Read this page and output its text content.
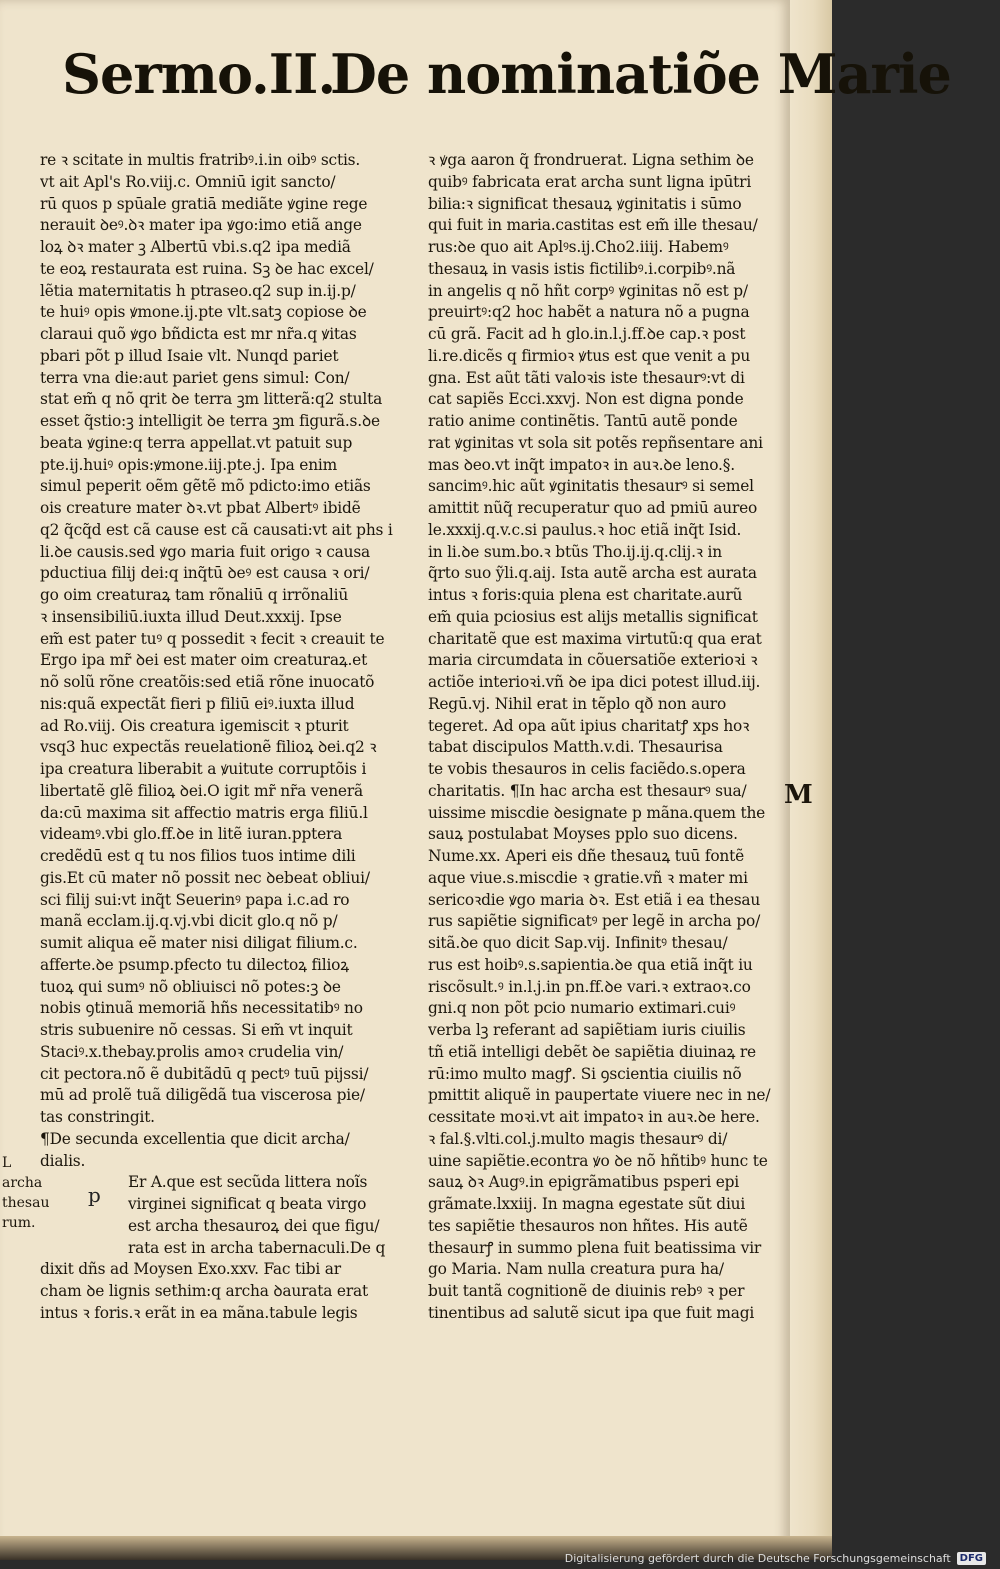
Sermo.II.
De nominatiõe Marie
re ꝛ scitate in multis fratribꝰ.i.in oibꝰ sctis.
vt ait Apl's Ro.viij.c. Omniū igit sancto/
rū quos p spūale gratiā mediãte ꝟgine rege
nerauit ꝺeꝰ.ꝺꝛ mater ipa ꝟgo:imo etiã ange
loꝝ ꝺꝛ mater ꝫ Albertū vbi.s.q2 ipa mediã
te eoꝝ restaurata est ruina. Sꝫ ꝺe hac excel/
lẽtia maternitatis h ptraseo.q2 sup in.ij.p/
te huiꝰ opis ꝟmone.ij.pte vlt.satꝫ copiose ꝺe
claraui quõ ꝟgo bñdicta est mr nr̃a.q ꝟitas
pbari põt p illud Isaie vlt. Nunqd pariet
terra vna die:aut pariet gens simul: Con/
stat em̃ q nõ qrit ꝺe terra ꝫm litterã:q2 stulta
esset q̃stio:ꝫ intelligit ꝺe terra ꝫm figurã.s.ꝺe
beata ꝟgine:q terra appellat.vt patuit sup
pte.ij.huiꝰ opis:ꝟmone.iij.pte.j. Ipa enim
simul peperit oẽm gẽtẽ mõ pdicto:imo etiãs
ois creature mater ꝺꝛ.vt pbat Albertꝰ ibidẽ
q2 q̃cq̃d est cã cause est cã causati:vt ait phs i
li.ꝺe causis.sed ꝟgo maria fuit origo ꝛ causa
pductiua filij dei:q inq̃tū ꝺeꝰ est causa ꝛ ori/
go oim creaturaꝝ tam rõnaliū q irrõnaliū
ꝛ insensibiliū.iuxta illud Deut.xxxij. Ipse
em̃ est pater tuꝰ q possedit ꝛ fecit ꝛ creauit te
Ergo ipa mr̃ ꝺei est mater oim creaturaꝝ.et
nõ solũ rõne creatõis:sed etiã rõne inuocatõ
nis:quã expectãt fieri p filiū eiꝰ.iuxta illud
ad Ro.viij. Ois creatura igemiscit ꝛ pturit
vsq3 huc expectãs reuelationẽ filioꝝ ꝺei.q2 ꝛ
ipa creatura liberabit a ꝟuitute corruptõis i
libertatẽ glẽ filioꝝ ꝺei.O igit mr̃ nr̃a venerã
da:cū maxima sit affectio matris erga filiū.l
videamꝰ.vbi glo.ff.ꝺe in litẽ iuran.pptera
credẽdū est q tu nos filios tuos intime dili
gis.Et cū mater nõ possit nec ꝺebeat obliui/
sci filij sui:vt inq̃t Seuerinꝰ papa i.c.ad ro
manã ecclam.ij.q.vj.vbi dicit glo.q nõ p/
sumit aliqua eẽ mater nisi diligat filium.c.
afferte.ꝺe psump.pfecto tu dilectoꝝ filioꝝ
tuoꝝ qui sumꝰ nõ obliuisci nõ potes:ꝫ ꝺe
nobis ꝯtinuã memoriã hñs necessitatibꝰ no
stris subuenire nõ cessas. Si em̃ vt inquit
Staciꝰ.x.thebay.prolis amoꝛ crudelia vin/
cit pectora.nõ ẽ dubitãdū q pectꝰ tuū pijssi/
mū ad prolẽ tuã diligẽdã tua viscerosa pie/
tas constringit.
¶De secunda excellentia que dicit archa/
dialis.
Er A.que est secũda littera noĩs
virginei significat q beata virgo
est archa thesauroꝝ dei que figu/
rata est in archa tabernaculi.De q
dixit dñs ad Moysen Exo.xxv. Fac tibi ar
cham ꝺe lignis sethim:q archa ꝺaurata erat
intus ꝛ foris.ꝛ erãt in ea mãna.tabule legis
ꝛ ꝟga aaron q̃ frondruerat. Ligna sethim ꝺe
quibꝰ fabricata erat archa sunt ligna ipūtri
bilia:ꝛ significat thesauꝝ ꝟginitatis i sūmo
qui fuit in maria.castitas est em̃ ille thesau/
rus:ꝺe quo ait Aplꝰs.ij.Cho2.iiij. Habemꝰ
thesauꝝ in vasis istis fictilibꝰ.i.corpibꝰ.nã
in angelis q nõ hñt corpꝰ ꝟginitas nõ est p/
preuirtꝰ:q2 hoc habẽt a natura nõ a pugna
cū grã. Facit ad h glo.in.l.j.ff.ꝺe cap.ꝛ post
li.re.dicẽs q firmioꝛ ꝟtus est que venit a pu
gna. Est aũt tãti valoꝛis iste thesaurꝰ:vt di
cat sapiẽs Ecci.xxvj. Non est digna ponde
ratio anime continẽtis. Tantū autẽ ponde
rat ꝟginitas vt sola sit potẽs repñsentare ani
mas ꝺeo.vt inq̃t impatoꝛ in auꝛ.ꝺe leno.§.
sancimꝰ.hic aũt ꝟginitatis thesaurꝰ si semel
amittit nũq̃ recuperatur quo ad pmiū aureo
le.xxxij.q.v.c.si paulus.ꝛ hoc etiã inq̃t Isid.
in li.ꝺe sum.bo.ꝛ btũs Tho.ij.ij.q.clij.ꝛ in
q̃rto suo ỹli.q.aij. Ista autẽ archa est aurata
intus ꝛ foris:quia plena est charitate.aurũ
em̃ quia pciosius est alijs metallis significat
charitatẽ que est maxima virtutũ:q qua erat
maria circumdata in cõuersatiõe exterioꝛi ꝛ
actiõe interioꝛi.vñ ꝺe ipa dici potest illud.iij.
Regū.vj. Nihil erat in tẽplo qð non auro
tegeret. Ad opa aũt ipius charitatꝭ xps hoꝛ
tabat discipulos Matth.v.di. Thesaurisa
te vobis thesauros in celis faciẽdo.s.opera
charitatis. ¶In hac archa est thesaurꝰ sua/
uissime miscdie ꝺesignate p mãna.quem the
sauꝝ postulabat Moyses pplo suo dicens.
Nume.xx. Aperi eis dñe thesauꝝ tuū fontẽ
aque viue.s.miscdie ꝛ gratie.vñ ꝛ mater mi
sericoꝛdie ꝟgo maria ꝺꝛ. Est etiã i ea thesau
rus sapiẽtie significatꝰ per legẽ in archa po/
sitã.ꝺe quo dicit Sap.vij. Infinitꝰ thesau/
rus est hoibꝰ.s.sapientia.ꝺe qua etiã inq̃t iu
riscõsult.ꝰ in.l.j.in pn.ff.ꝺe vari.ꝛ extraoꝛ.co
gni.q non põt pcio numario extimari.cuiꝰ
verba lꝫ referant ad sapiẽtiam iuris ciuilis
tñ etiã intelligi debẽt ꝺe sapiẽtia diuinaꝝ re
rū:imo multo magꝭ. Si ꝯscientia ciuilis nõ
pmittit aliquẽ in paupertate viuere nec in ne/
cessitate moꝛi.vt ait impatoꝛ in auꝛ.ꝺe here.
ꝛ fal.§.vlti.col.j.multo magis thesaurꝰ di/
uine sapiẽtie.econtra ꝟo ꝺe nõ hñtibꝰ hunc te
sauꝝ ꝺꝛ Augꝰ.in epigrãmatibus psperi epi
grãmate.lxxiij. In magna egestate sũt diui
tes sapiẽtie thesauros non hñtes. His autẽ
thesaurꝭ in summo plena fuit beatissima vir
go Maria. Nam nulla creatura pura ha/
buit tantã cognitionẽ de diuinis rebꝰ ꝛ per
tinentibus ad salutẽ sicut ipa que fuit magi
L
archa
thesau
rum.
p
M
Digitalisierung gefördert durch die Deutsche Forschungsgemeinschaft DFG
